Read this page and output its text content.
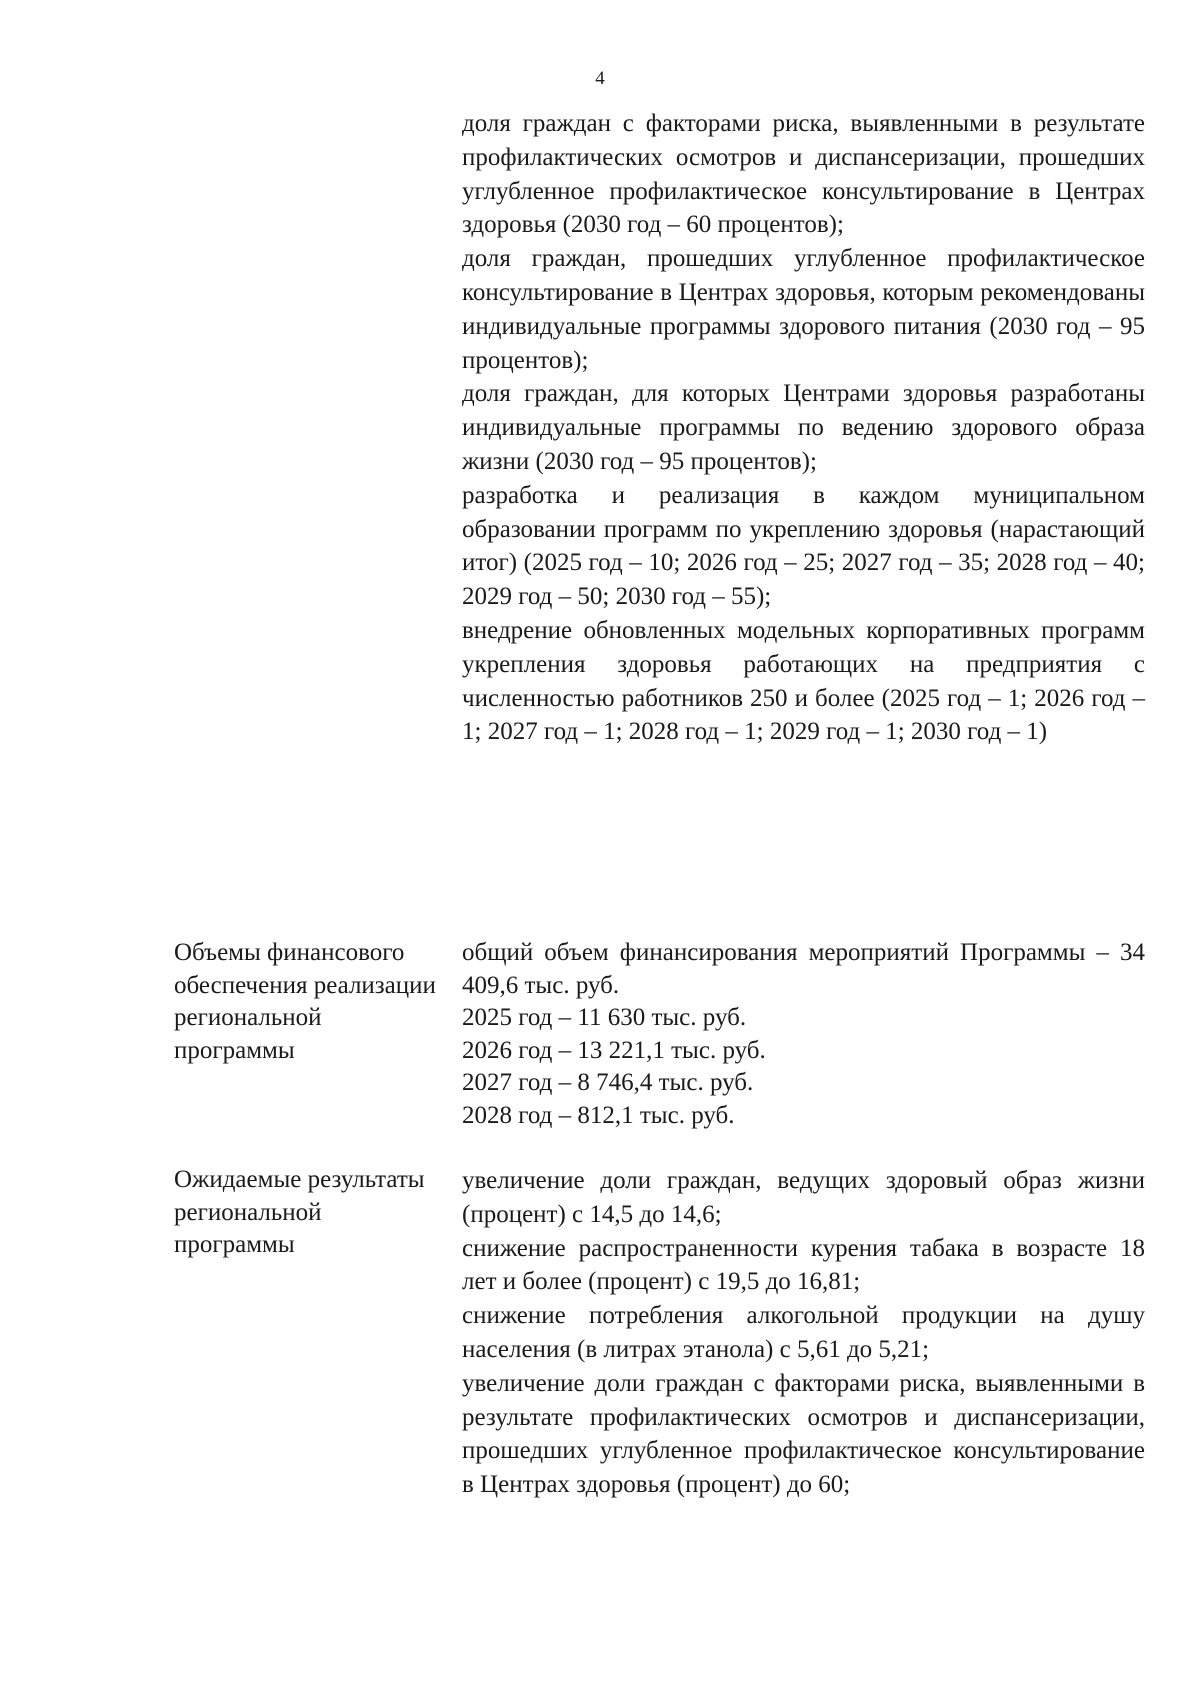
4
доля граждан с факторами риска, выявленными в результате профилактических осмотров и диспансеризации, прошедших углубленное профилактическое консультирование в Центрах здоровья (2030 год – 60 процентов);
доля граждан, прошедших углубленное профилактическое консультирование в Центрах здоровья, которым рекомендованы индивидуальные программы здорового питания (2030 год – 95 процентов);
доля граждан, для которых Центрами здоровья разработаны индивидуальные программы по ведению здорового образа жизни (2030 год – 95 процентов);
разработка и реализация в каждом муниципальном образовании программ по укреплению здоровья (нарастающий итог) (2025 год – 10; 2026 год – 25; 2027 год – 35; 2028 год – 40; 2029 год – 50; 2030 год – 55);
внедрение обновленных модельных корпоративных программ укрепления здоровья работающих на предприятия с численностью работников 250 и более (2025 год – 1; 2026 год – 1; 2027 год – 1; 2028 год – 1; 2029 год – 1; 2030 год – 1)
Объемы финансового обеспечения реализации региональной программы
общий объем финансирования мероприятий Программы – 34 409,6 тыс. руб.
2025 год – 11 630 тыс. руб.
2026 год – 13 221,1 тыс. руб.
2027 год – 8 746,4 тыс. руб.
2028 год – 812,1 тыс. руб.
Ожидаемые результаты региональной программы
увеличение доли граждан, ведущих здоровый образ жизни (процент) с 14,5 до 14,6;
снижение распространенности курения табака в возрасте 18 лет и более (процент) с 19,5 до 16,81;
снижение потребления алкогольной продукции на душу населения (в литрах этанола) с 5,61 до 5,21;
увеличение доли граждан с факторами риска, выявленными в результате профилактических осмотров и диспансеризации, прошедших углубленное профилактическое консультирование в Центрах здоровья (процент) до 60;
